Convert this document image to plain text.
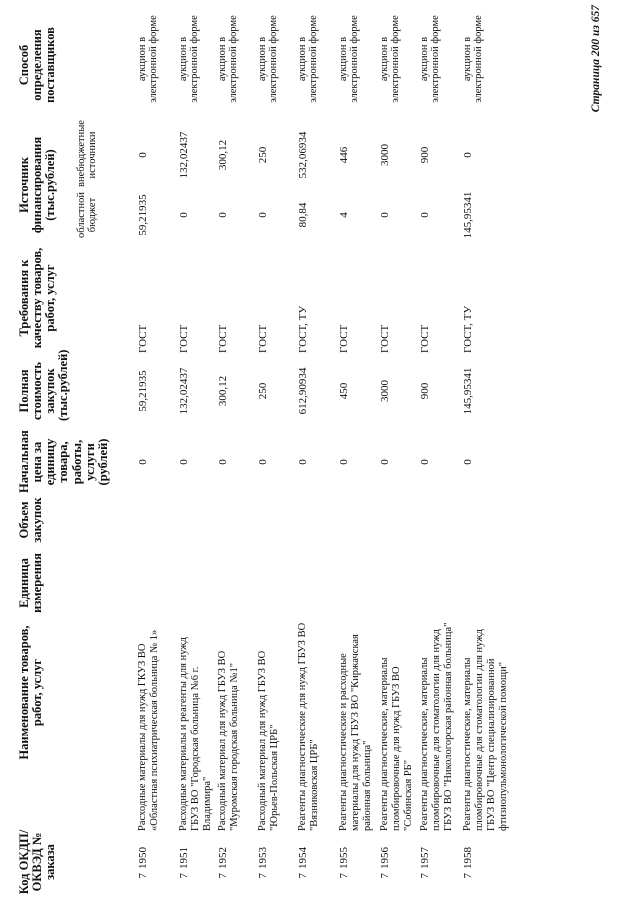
Код ОКДП/ ОКВЭД № заказа
Наименование товаров, работ, услуг
Единица измерения
Объем закупок
Начальная цена за единицу товара, работы, услуги (рублей)
Полная стоимость закупок (тыс.рублей)
Требования к качеству товаров, работ, услуг
Источник финансирования (тыс.рублей) областной бюджет
внебюджетные источники
Способ определения поставщиков
7
1950
Расходные материалы для нужд ГКУЗ ВО «Областная психиатрическая больница № 1»
0
59,21935
ГОСТ
59,21935
0
аукцион в электронной форме
7
1951
Расходные материалы и реагенты для нужд ГБУЗ ВО "Городская больница №6 г. Владимира"
0
132,02437
ГОСТ
0
132,02437
аукцион в электронной форме
7
1952
Расходный материал для нужд ГБУЗ ВО "Муромская городская больница №1"
0
300,12
ГОСТ
0
300,12
аукцион в электронной форме
7
1953
Расходный материал для нужд ГБУЗ ВО "Юрьев-Польская ЦРБ"
0
250
ГОСТ
0
250
аукцион в электронной форме
7
1954
Реагенты диагностические для нужд ГБУЗ ВО "Вязниковская ЦРБ"
0
612,90934
ГОСТ, ТУ
80,84
532,06934
аукцион в электронной форме
7
1955
Реагенты диагностические и расходные материалы для нужд ГБУЗ ВО "Киржачская районная больница"
0
450
ГОСТ
4
446
аукцион в электронной форме
7
1956
Реагенты диагностические, материалы пломбировочные для нужд ГБУЗ ВО "Собинская РБ"
0
3000
ГОСТ
0
3000
аукцион в электронной форме
7
1957
Реагенты диагностические, материалы пломбировочные для стоматологии для нужд ГБУЗ ВО "Никологорская районная больница"
0
900
ГОСТ
0
900
аукцион в электронной форме
7
1958
Реагенты диагностические, материалы пломбировочные для стоматологии для нужд ГБУЗ ВО "Центр специализированной фтизиопульмонологической помощи"
0
145,95341
ГОСТ, ТУ
145,95341
0
аукцион в электронной форме	Страница 200 из 657
